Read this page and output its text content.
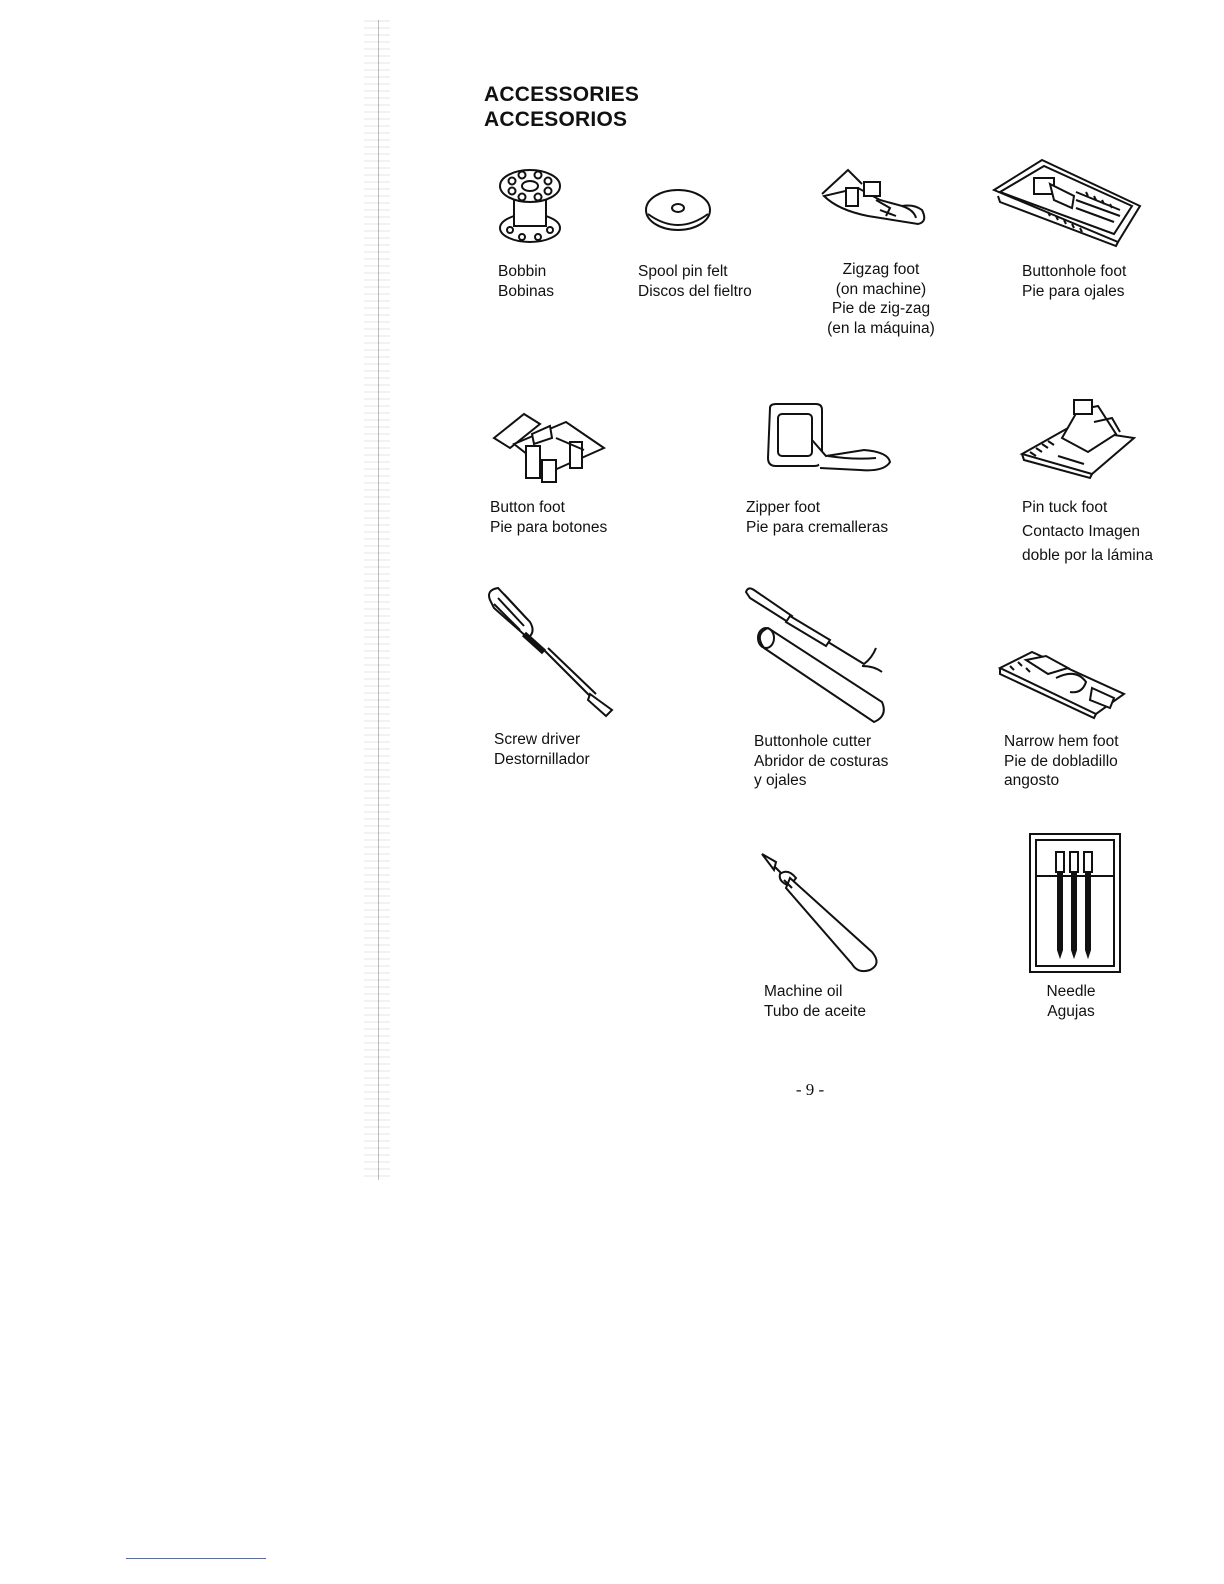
ACCESSORIES
ACCESORIOS
Bobbin
Bobinas
Spool pin felt
Discos del fieltro
Zigzag foot
(on machine)
Pie de zig-zag
(en la máquina)
Buttonhole foot
Pie para ojales
Button foot
Pie para botones
Zipper foot
Pie para cremalleras
Pin tuck foot
Contacto Imagen
doble por la lámina
Screw driver
Destornillador
Buttonhole cutter
Abridor de costuras
y ojales
Narrow hem foot
Pie de dobladillo
angosto
Machine oil
Tubo de aceite
Needle
Agujas
- 9 -
